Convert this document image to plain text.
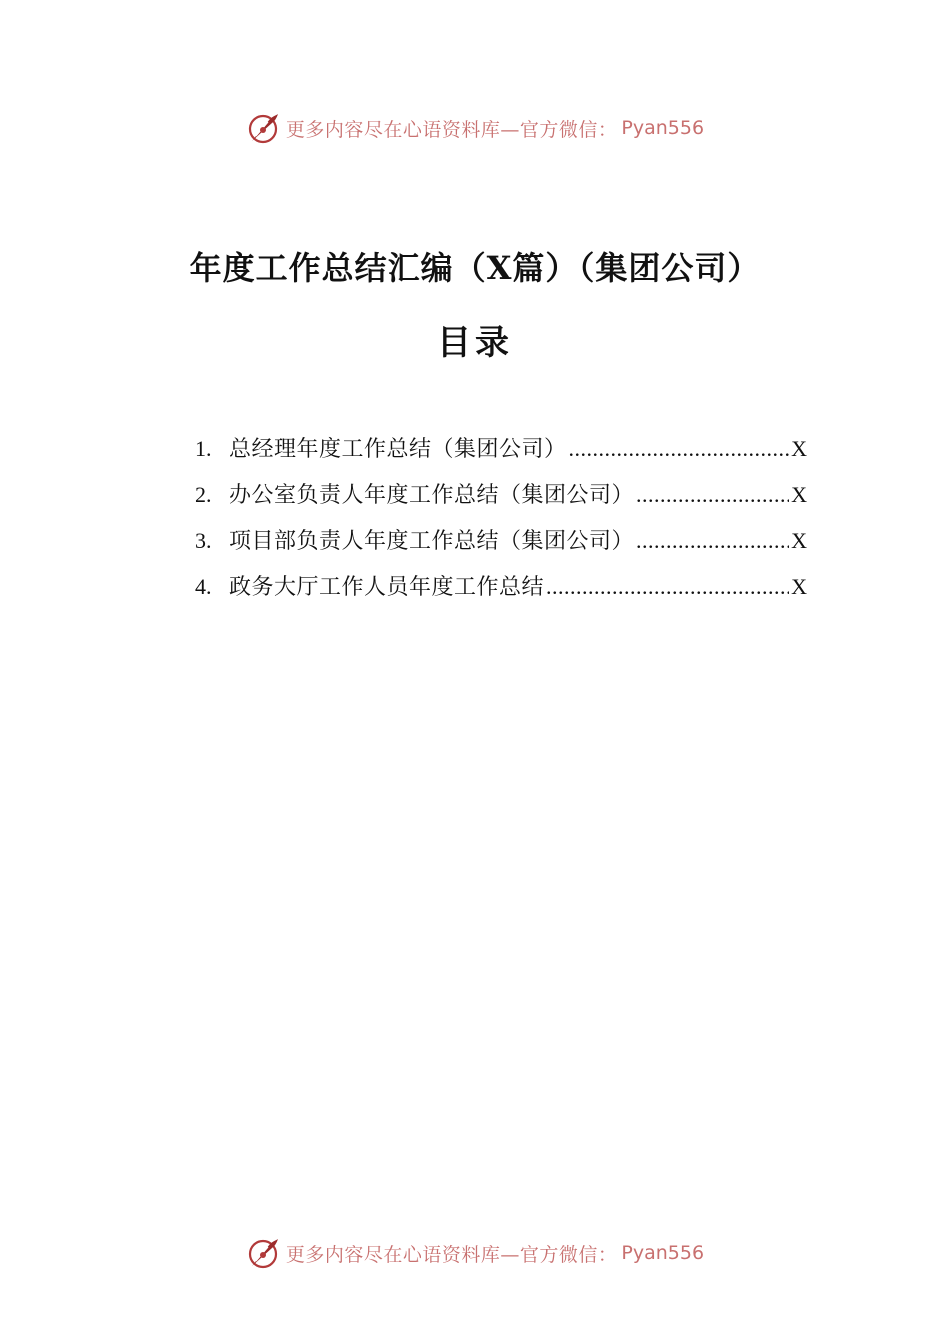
更多内容尽在心语资料库—官方微信： Pyan556
年度工作总结汇编（X篇）（集团公司）
目录
1. 总经理年度工作总结（集团公司） .....	X
2. 办公室负责人年度工作总结（集团公司） .....	X
3. 项目部负责人年度工作总结（集团公司） .....	X
4. 政务大厅工作人员年度工作总结 .....	X
更多内容尽在心语资料库—官方微信： Pyan556
